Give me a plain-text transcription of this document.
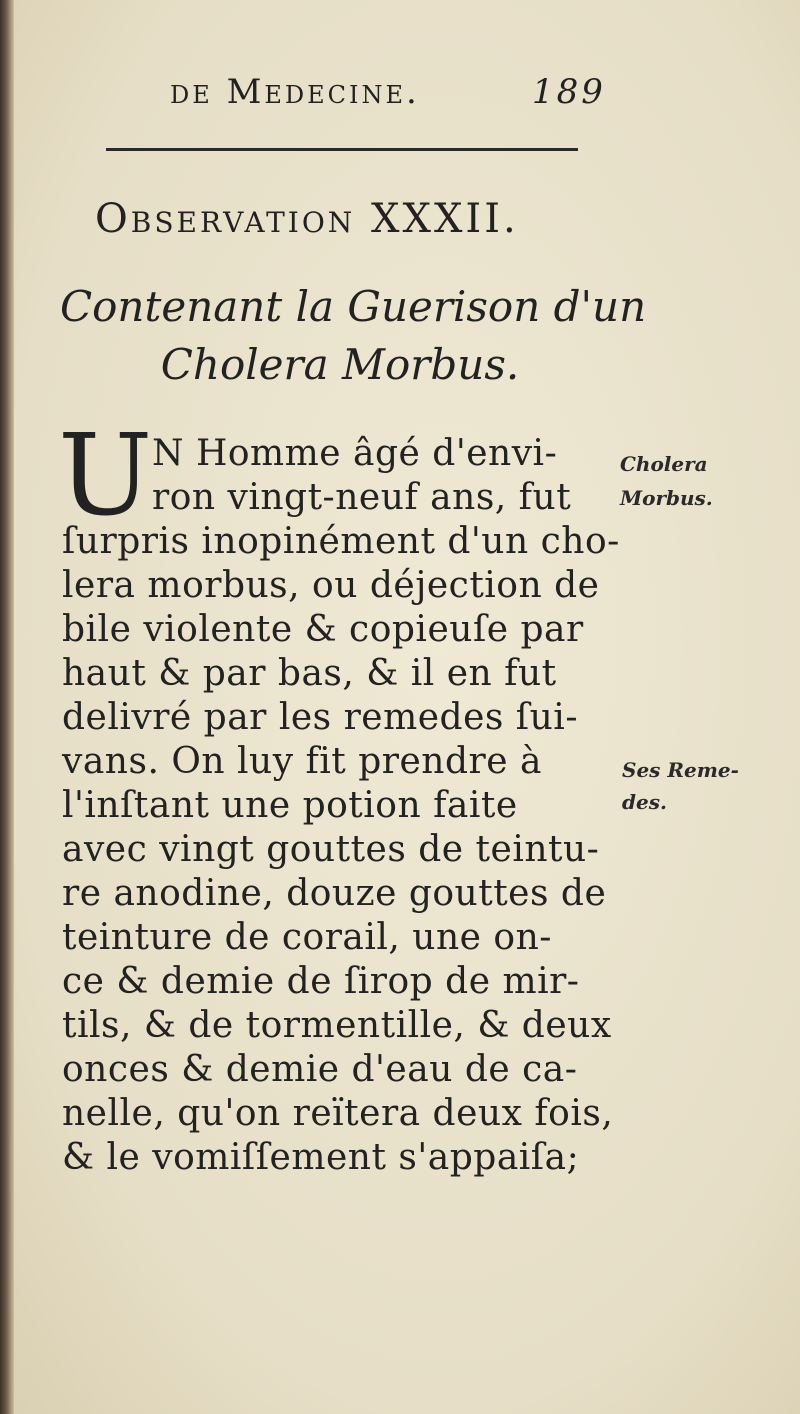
de Medecine.	189
Observation XXXII.
Contenant la Guerison d'un
Cholera Morbus.
U N Homme âgé d'envi-
ron vingt-neuf ans, fut
ſurpris inopinément d'un cho-
lera morbus, ou déjection de
bile violente & copieuſe par
haut & par bas, & il en fut
delivré par les remedes ſui-
vans. On luy fit prendre à
l'inſtant une potion faite
avec vingt gouttes de teintu-
re anodine, douze gouttes de
teinture de corail, une on-
ce & demie de ſirop de mir-
tils, & de tormentille, & deux
onces & demie d'eau de ca-
nelle, qu'on reïtera deux fois,
& le vomiſſement s'appaiſa;
Cholera
Morbus.
Ses Reme-
des.
